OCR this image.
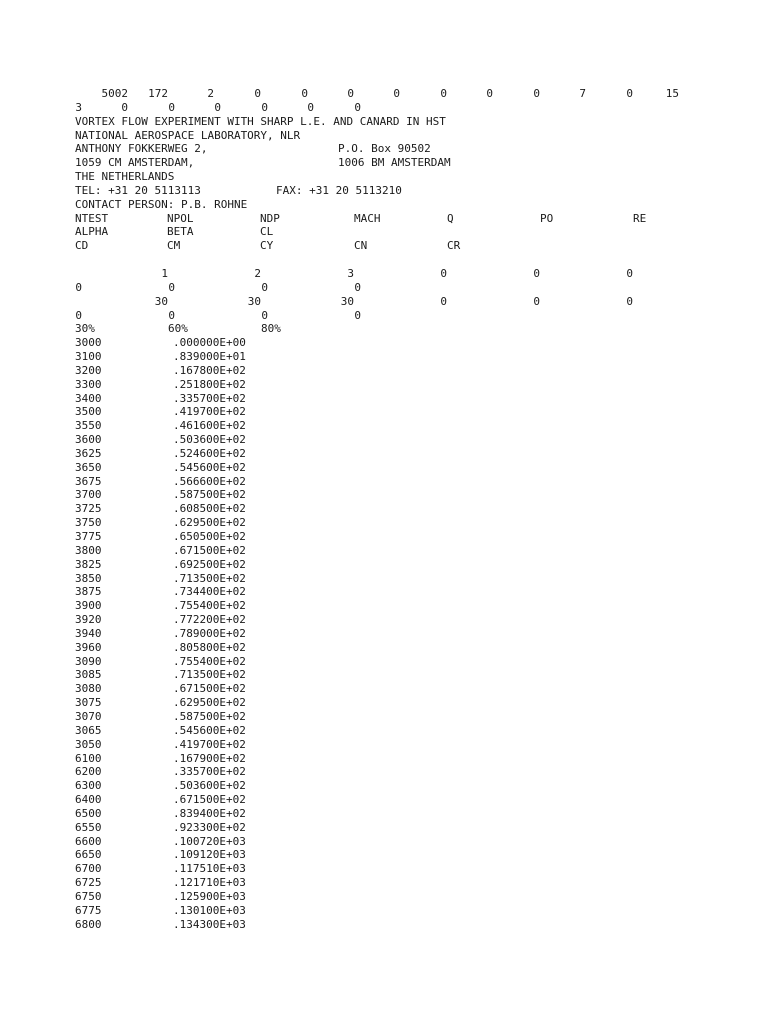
5002	172	2	0	0	0	0	0	0	0	7	0	15
3	0	0	0	0	0	0
VORTEX FLOW EXPERIMENT WITH SHARP L.E. AND CANARD IN HST
NATIONAL AEROSPACE LABORATORY, NLR

ANTHONY FOKKERWEG 2,

	P.O. Box 90502

1059 CM AMSTERDAM,

	1006 BM AMSTERDAM

THE NETHERLANDS

TEL: +31 20 5113113

	FAX: +31 20 5113210

CONTACT PERSON: P.B. ROHNE
NTEST	NPOL	NDP	MACH	Q	PO	RE
ALPHA	BETA	CL
CD	CM	CY	CN	CR
1	2	3	0	0	0
0	0	0	0
30	30	30	0	0	0
0	0	0	0
30%	60%	80%
3000	.000000E+00
3100	.839000E+01
3200	.167800E+02
3300	.251800E+02
3400	.335700E+02
3500	.419700E+02
3550	.461600E+02
3600	.503600E+02
3625	.524600E+02
3650	.545600E+02
3675	.566600E+02
3700	.587500E+02
3725	.608500E+02
3750	.629500E+02
3775	.650500E+02
3800	.671500E+02
3825	.692500E+02
3850	.713500E+02
3875	.734400E+02
3900	.755400E+02
3920	.772200E+02
3940	.789000E+02
3960	.805800E+02
3090	.755400E+02
3085	.713500E+02
3080	.671500E+02
3075	.629500E+02
3070	.587500E+02
3065	.545600E+02
3050	.419700E+02
6100	.167900E+02
6200	.335700E+02
6300	.503600E+02
6400	.671500E+02
6500	.839400E+02
6550	.923300E+02
6600	.100720E+03
6650	.109120E+03
6700	.117510E+03
6725	.121710E+03
6750	.125900E+03
6775	.130100E+03
6800	.134300E+03
